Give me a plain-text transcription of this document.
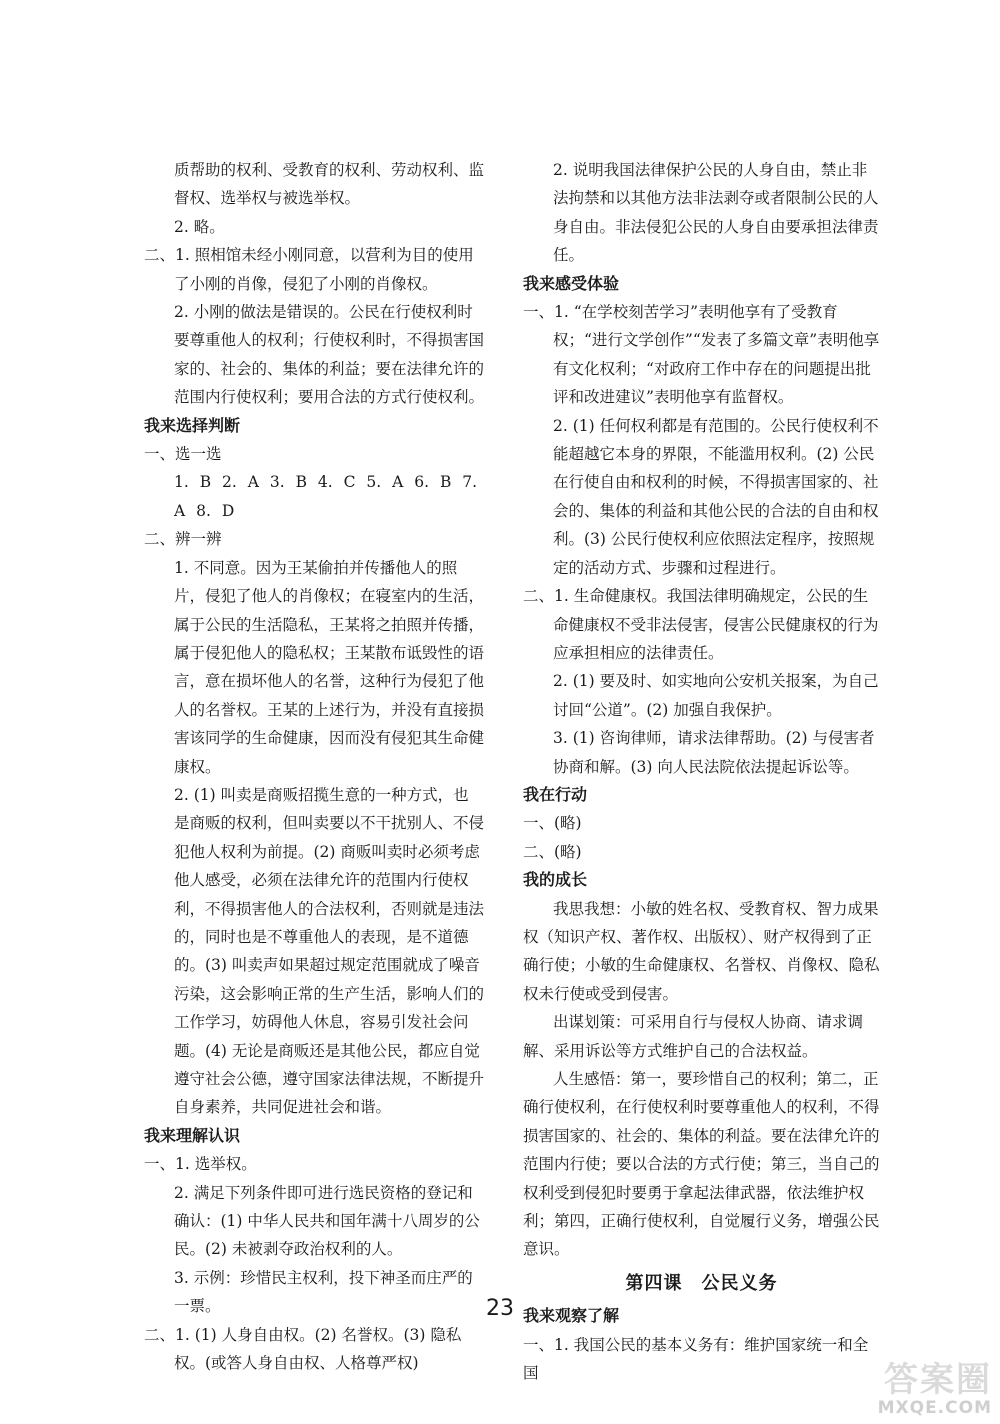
质帮助的权利、受教育的权利、劳动权利、监督权、选举权与被选举权。

2. 略。

二、1. 照相馆未经小刚同意，以营利为目的使用了小刚的肖像，侵犯了小刚的肖像权。

2. 小刚的做法是错误的。公民在行使权利时要尊重他人的权利；行使权利时，不得损害国家的、社会的、集体的利益；要在法律允许的范围内行使权利；要用合法的方式行使权利。

我来选择判断

一、选一选

1. B 2. A 3. B 4. C 5. A 6. B 7. A 8. D

二、辨一辨

1. 不同意。因为王某偷拍并传播他人的照片，侵犯了他人的肖像权；在寝室内的生活，属于公民的生活隐私，王某将之拍照并传播，属于侵犯他人的隐私权；王某散布诋毁性的语言，意在损坏他人的名誉，这种行为侵犯了他人的名誉权。王某的上述行为，并没有直接损害该同学的生命健康，因而没有侵犯其生命健康权。

2. (1) 叫卖是商贩招揽生意的一种方式，也是商贩的权利，但叫卖要以不干扰别人、不侵犯他人权利为前提。(2) 商贩叫卖时必须考虑他人感受，必须在法律允许的范围内行使权利，不得损害他人的合法权利，否则就是违法的，同时也是不尊重他人的表现，是不道德的。(3) 叫卖声如果超过规定范围就成了噪音污染，这会影响正常的生产生活，影响人们的工作学习，妨碍他人休息，容易引发社会问题。(4) 无论是商贩还是其他公民，都应自觉遵守社会公德，遵守国家法律法规，不断提升自身素养，共同促进社会和谐。

我来理解认识

一、1. 选举权。

2. 满足下列条件即可进行选民资格的登记和确认：(1) 中华人民共和国年满十八周岁的公民。(2) 未被剥夺政治权利的人。

3. 示例：珍惜民主权利，投下神圣而庄严的一票。

二、1. (1) 人身自由权。(2) 名誉权。(3) 隐私权。(或答人身自由权、人格尊严权)

2. 说明我国法律保护公民的人身自由，禁止非法拘禁和以其他方法非法剥夺或者限制公民的人身自由。非法侵犯公民的人身自由要承担法律责任。

我来感受体验

一、1. “在学校刻苦学习”表明他享有了受教育权；“进行文学创作”“发表了多篇文章”表明他享有文化权利；“对政府工作中存在的问题提出批评和改进建议”表明他享有监督权。

2. (1) 任何权利都是有范围的。公民行使权利不能超越它本身的界限，不能滥用权利。(2) 公民在行使自由和权利的时候，不得损害国家的、社会的、集体的利益和其他公民的合法的自由和权利。(3) 公民行使权利应依照法定程序，按照规定的活动方式、步骤和过程进行。

二、1. 生命健康权。我国法律明确规定，公民的生命健康权不受非法侵害，侵害公民健康权的行为应承担相应的法律责任。

2. (1) 要及时、如实地向公安机关报案，为自己讨回“公道”。(2) 加强自我保护。

3. (1) 咨询律师，请求法律帮助。(2) 与侵害者协商和解。(3) 向人民法院依法提起诉讼等。

我在行动

一、(略)

二、(略)

我的成长

我思我想：小敏的姓名权、受教育权、智力成果权（知识产权、著作权、出版权）、财产权得到了正确行使；小敏的生命健康权、名誉权、肖像权、隐私权未行使或受到侵害。

出谋划策：可采用自行与侵权人协商、请求调解、采用诉讼等方式维护自己的合法权益。

人生感悟：第一，要珍惜自己的权利；第二，正确行使权利，在行使权利时要尊重他人的权利，不得损害国家的、社会的、集体的利益。要在法律允许的范围内行使；要以合法的方式行使；第三，当自己的权利受到侵犯时要勇于拿起法律武器，依法维护权利；第四，正确行使权利，自觉履行义务，增强公民意识。

第四课　公民义务

我来观察了解

一、1. 我国公民的基本义务有：维护国家统一和全国

23
答案圈
MXQE.COM
